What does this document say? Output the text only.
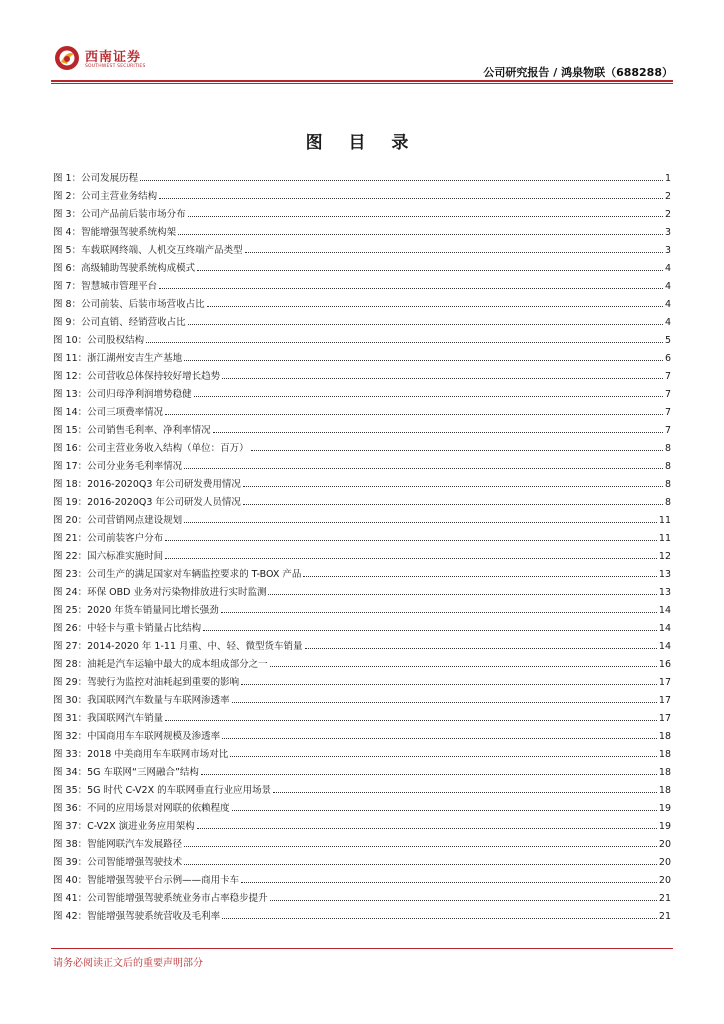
西南证券
SOUTHWEST SECURITIES	公司研究报告 / 鸿泉物联（688288）
图 目 录
图 1：公司发展历程	1
图 2：公司主营业务结构	2
图 3：公司产品前后装市场分布	2
图 4：智能增强驾驶系统构架	3
图 5：车载联网终端、人机交互终端产品类型	3
图 6：高级辅助驾驶系统构成模式	4
图 7：智慧城市管理平台	4
图 8：公司前装、后装市场营收占比	4
图 9：公司直销、经销营收占比	4
图 10：公司股权结构	5
图 11：浙江湖州安吉生产基地	6
图 12：公司营收总体保持较好增长趋势	7
图 13：公司归母净利润增势稳健	7
图 14：公司三项费率情况	7
图 15：公司销售毛利率、净利率情况	7
图 16：公司主营业务收入结构（单位：百万）	8
图 17：公司分业务毛利率情况	8
图 18：2016-2020Q3 年公司研发费用情况	8
图 19：2016-2020Q3 年公司研发人员情况	8
图 20：公司营销网点建设规划	11
图 21：公司前装客户分布	11
图 22：国六标准实施时间	12
图 23：公司生产的满足国家对车辆监控要求的 T-BOX 产品	13
图 24：环保 OBD 业务对污染物排放进行实时监测	13
图 25：2020 年货车销量同比增长强劲	14
图 26：中轻卡与重卡销量占比结构	14
图 27：2014-2020 年 1-11 月重、中、轻、微型货车销量	14
图 28：油耗是汽车运输中最大的成本组成部分之一	16
图 29：驾驶行为监控对油耗起到重要的影响	17
图 30：我国联网汽车数量与车联网渗透率	17
图 31：我国联网汽车销量	17
图 32：中国商用车车联网规模及渗透率	18
图 33：2018 中美商用车车联网市场对比	18
图 34：5G 车联网“三网融合”结构	18
图 35：5G 时代 C-V2X 的车联网垂直行业应用场景	18
图 36：不同的应用场景对网联的依赖程度	19
图 37：C-V2X 演进业务应用架构	19
图 38：智能网联汽车发展路径	20
图 39：公司智能增强驾驶技术	20
图 40：智能增强驾驶平台示例——商用卡车	20
图 41：公司智能增强驾驶系统业务市占率稳步提升	21
图 42：智能增强驾驶系统营收及毛利率	21
请务必阅读正文后的重要声明部分
